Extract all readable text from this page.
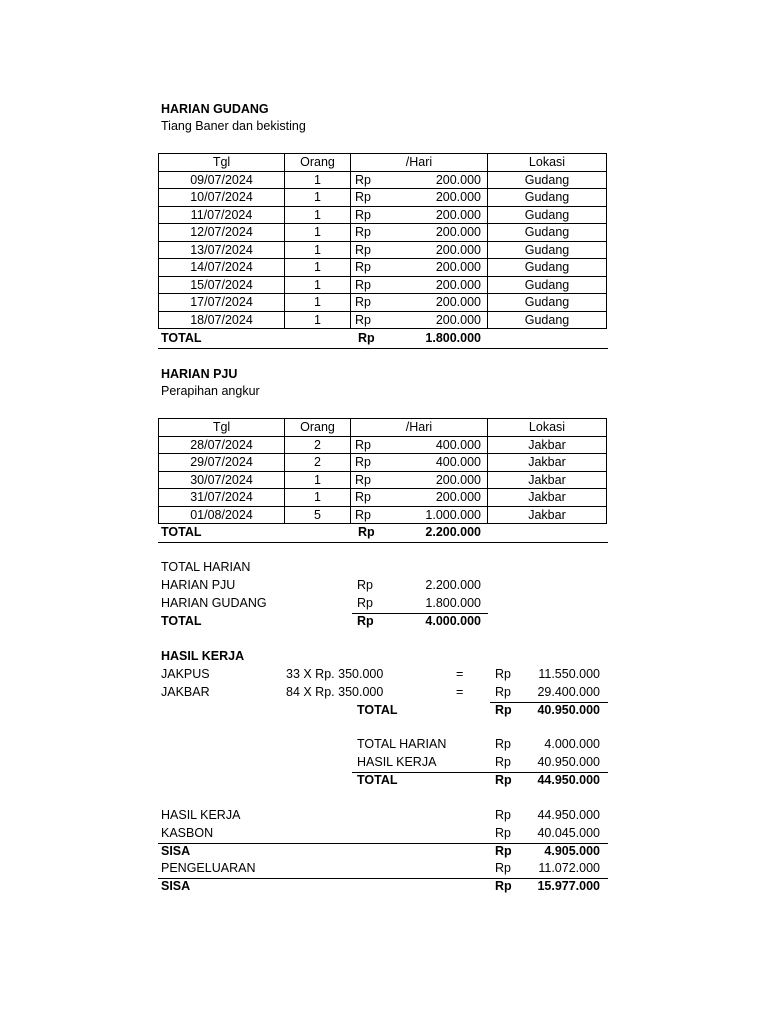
HARIAN GUDANG
Tiang Baner dan bekisting
Tgl	Orang	/Hari		Lokasi
09/07/2024	1	Rp	200.000	Gudang
10/07/2024	1	Rp	200.000	Gudang
11/07/2024	1	Rp	200.000	Gudang
12/07/2024	1	Rp	200.000	Gudang
13/07/2024	1	Rp	200.000	Gudang
14/07/2024	1	Rp	200.000	Gudang
15/07/2024	1	Rp	200.000	Gudang
17/07/2024	1	Rp	200.000	Gudang
18/07/2024	1	Rp	200.000	Gudang
TOTAL	Rp	1.800.000
HARIAN PJU
Perapihan angkur
Tgl	Orang	/Hari		Lokasi
28/07/2024	2	Rp	400.000	Jakbar
29/07/2024	2	Rp	400.000	Jakbar
30/07/2024	1	Rp	200.000	Jakbar
31/07/2024	1	Rp	200.000	Jakbar
01/08/2024	5	Rp	1.000.000	Jakbar
TOTAL	Rp	2.200.000
TOTAL HARIAN
HARIAN PJU	Rp	2.200.000
HARIAN GUDANG	Rp	1.800.000
TOTAL	Rp	4.000.000
HASIL KERJA
JAKPUS	33 X Rp. 350.000	=	Rp	11.550.000
JAKBAR	84 X Rp. 350.000	=	Rp	29.400.000
TOTAL	Rp	40.950.000
TOTAL HARIAN	Rp	4.000.000
HASIL KERJA	Rp	40.950.000
TOTAL	Rp	44.950.000
HASIL KERJA	Rp	44.950.000
KASBON	Rp	40.045.000
SISA	Rp	4.905.000
PENGELUARAN	Rp	11.072.000
SISA	Rp	15.977.000
